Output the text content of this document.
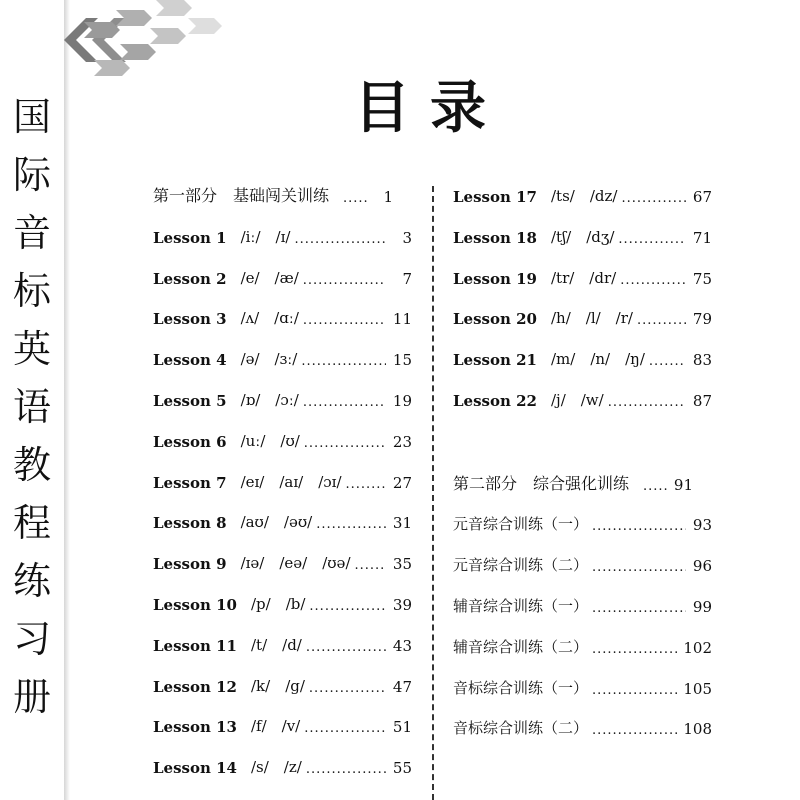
国
际
音
标
英
语
教
程
练
习
册
目录
第一部分　基础闯关训练 .....	1
Lesson 1 /iː/　/ɪ/ .....	3
Lesson 2 /e/　/æ/ .....	7
Lesson 3 /ʌ/　/ɑː/ .....	11
Lesson 4 /ə/　/ɜː/ .....	15
Lesson 5 /ɒ/　/ɔː/ .....	19
Lesson 6 /uː/　/ʊ/ .....	23
Lesson 7 /eɪ/　/aɪ/　/ɔɪ/ .....	27
Lesson 8 /aʊ/　/əʊ/ .....	31
Lesson 9 /ɪə/　/eə/　/ʊə/ .....	35
Lesson 10 /p/　/b/ .....	39
Lesson 11 /t/　/d/ .....	43
Lesson 12 /k/　/g/ .....	47
Lesson 13 /f/　/v/ .....	51
Lesson 14 /s/　/z/ .....	55
Lesson 17 /ts/　/dz/ .....	67
Lesson 18 /tʃ/　/dʒ/ .....	71
Lesson 19 /tr/　/dr/ .....	75
Lesson 20 /h/　/l/　/r/ .....	79
Lesson 21 /m/　/n/　/ŋ/ .....	83
Lesson 22 /j/　/w/ .....	87
第二部分　综合强化训练 .....	91
元音综合训练（一） .....	93
元音综合训练（二） .....	96
辅音综合训练（一） .....	99
辅音综合训练（二） .....	102
音标综合训练（一） .....	105
音标综合训练（二） .....	108
